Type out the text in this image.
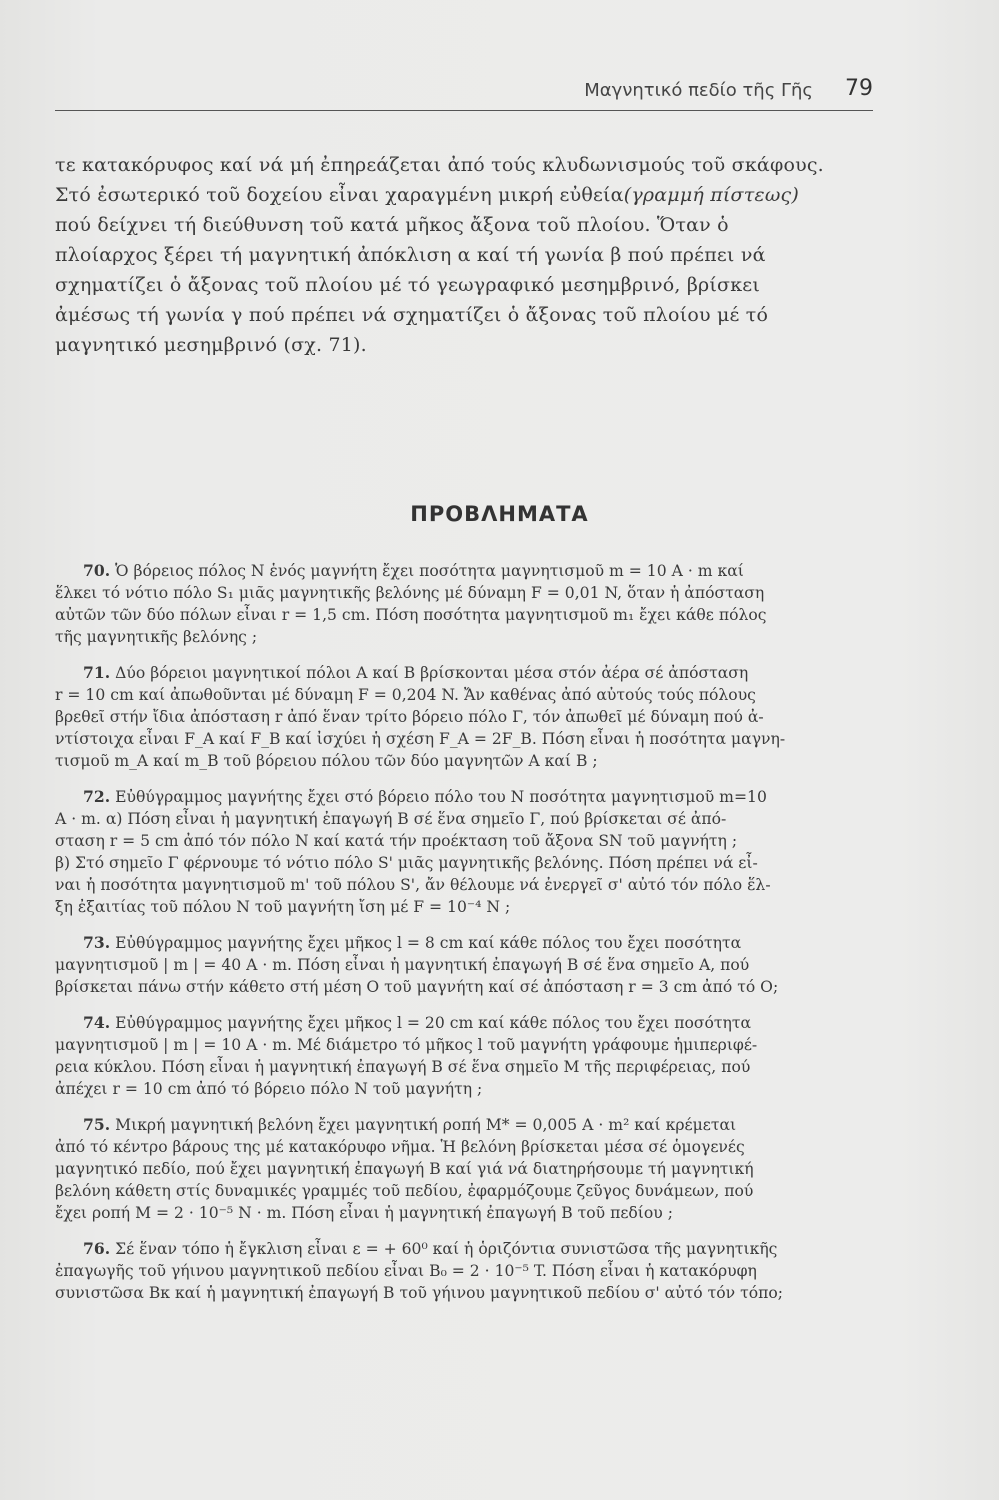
Μαγνητικό πεδίο τῆς Γῆς 79
τε κατακόρυφος καί νά μή ἐπηρεάζεται ἀπό τούς κλυδωνισμούς τοῦ σκάφους.
Στό ἐσωτερικό τοῦ δοχείου εἶναι χαραγμένη μικρή εὐθεία(γραμμή πίστεως)
πού δείχνει τή διεύθυνση τοῦ κατά μῆκος ἄξονα τοῦ πλοίου. Ὅταν ὁ
πλοίαρχος ξέρει τή μαγνητική ἀπόκλιση α καί τή γωνία β πού πρέπει νά
σχηματίζει ὁ ἄξονας τοῦ πλοίου μέ τό γεωγραφικό μεσημβρινό, βρίσκει
ἀμέσως τή γωνία γ πού πρέπει νά σχηματίζει ὁ ἄξονας τοῦ πλοίου μέ τό
μαγνητικό μεσημβρινό (σχ. 71).
ΠΡΟΒΛΗΜΑΤΑ
70. Ὁ βόρειος πόλος N ἑνός μαγνήτη ἔχει ποσότητα μαγνητισμοῦ m = 10 A · m καί
ἕλκει τό νότιο πόλο S₁ μιᾶς μαγνητικῆς βελόνης μέ δύναμη F = 0,01 N, ὅταν ἡ ἀπόσταση
αὐτῶν τῶν δύο πόλων εἶναι r = 1,5 cm. Πόση ποσότητα μαγνητισμοῦ m₁ ἔχει κάθε πόλος
τῆς μαγνητικῆς βελόνης ;
71. Δύο βόρειοι μαγνητικοί πόλοι A καί B βρίσκονται μέσα στόν ἀέρα σέ ἀπόσταση
r = 10 cm καί ἀπωθοῦνται μέ δύναμη F = 0,204 N. Ἄν καθένας ἀπό αὐτούς τούς πόλους
βρεθεῖ στήν ἴδια ἀπόσταση r ἀπό ἕναν τρίτο βόρειο πόλο Γ, τόν ἀπωθεῖ μέ δύναμη πού ἀ-
ντίστοιχα εἶναι F_A καί F_B καί ἰσχύει ἡ σχέση F_A = 2F_B. Πόση εἶναι ἡ ποσότητα μαγνη-
τισμοῦ m_A καί m_B τοῦ βόρειου πόλου τῶν δύο μαγνητῶν A καί B ;
72. Εὐθύγραμμος μαγνήτης ἔχει στό βόρειο πόλο του N ποσότητα μαγνητισμοῦ m=10
A · m. α) Πόση εἶναι ἡ μαγνητική ἐπαγωγή B σέ ἕνα σημεῖο Γ, πού βρίσκεται σέ ἀπό-
σταση r = 5 cm ἀπό τόν πόλο N καί κατά τήν προέκταση τοῦ ἄξονα SN τοῦ μαγνήτη ;
β) Στό σημεῖο Γ φέρνουμε τό νότιο πόλο S' μιᾶς μαγνητικῆς βελόνης. Πόση πρέπει νά εἶ-
ναι ἡ ποσότητα μαγνητισμοῦ m' τοῦ πόλου S', ἄν θέλουμε νά ἐνεργεῖ σ' αὐτό τόν πόλο ἕλ-
ξη ἐξαιτίας τοῦ πόλου N τοῦ μαγνήτη ἴση μέ F = 10⁻⁴ N ;
73. Εὐθύγραμμος μαγνήτης ἔχει μῆκος l = 8 cm καί κάθε πόλος του ἔχει ποσότητα
μαγνητισμοῦ | m | = 40 A · m. Πόση εἶναι ἡ μαγνητική ἐπαγωγή B σέ ἕνα σημεῖο A, πού
βρίσκεται πάνω στήν κάθετο στή μέση O τοῦ μαγνήτη καί σέ ἀπόσταση r = 3 cm ἀπό τό O;
74. Εὐθύγραμμος μαγνήτης ἔχει μῆκος l = 20 cm καί κάθε πόλος του ἔχει ποσότητα
μαγνητισμοῦ | m | = 10 A · m. Μέ διάμετρο τό μῆκος l τοῦ μαγνήτη γράφουμε ἡμιπεριφέ-
ρεια κύκλου. Πόση εἶναι ἡ μαγνητική ἐπαγωγή B σέ ἕνα σημεῖο M τῆς περιφέρειας, πού
ἀπέχει r = 10 cm ἀπό τό βόρειο πόλο N τοῦ μαγνήτη ;
75. Μικρή μαγνητική βελόνη ἔχει μαγνητική ροπή M* = 0,005 A · m² καί κρέμεται
ἀπό τό κέντρο βάρους της μέ κατακόρυφο νῆμα. Ἡ βελόνη βρίσκεται μέσα σέ ὁμογενές
μαγνητικό πεδίο, πού ἔχει μαγνητική ἐπαγωγή B καί γιά νά διατηρήσουμε τή μαγνητική
βελόνη κάθετη στίς δυναμικές γραμμές τοῦ πεδίου, ἐφαρμόζουμε ζεῦγος δυνάμεων, πού
ἔχει ροπή M = 2 · 10⁻⁵ N · m. Πόση εἶναι ἡ μαγνητική ἐπαγωγή B τοῦ πεδίου ;
76. Σέ ἕναν τόπο ἡ ἔγκλιση εἶναι ε = + 60⁰ καί ἡ ὁριζόντια συνιστῶσα τῆς μαγνητικῆς
ἐπαγωγῆς τοῦ γήινου μαγνητικοῦ πεδίου εἶναι B₀ = 2 · 10⁻⁵ T. Πόση εἶναι ἡ κατακόρυφη
συνιστῶσα Bκ καί ἡ μαγνητική ἐπαγωγή B τοῦ γήινου μαγνητικοῦ πεδίου σ' αὐτό τόν τόπο;
